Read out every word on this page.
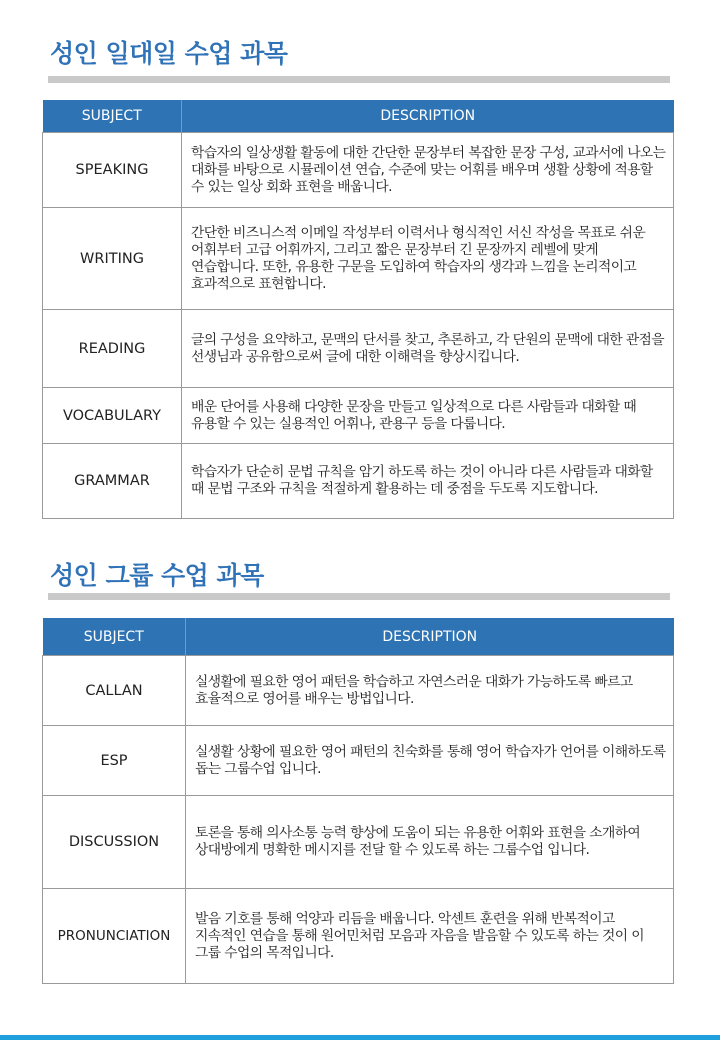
성인 일대일 수업 과목
SUBJECT	DESCRIPTION
SPEAKING	학습자의 일상생활 활동에 대한 간단한 문장부터 복잡한 문장 구성, 교과서에 나오는 대화를 바탕으로 시뮬레이션 연습, 수준에 맞는 어휘를 배우며 생활 상황에 적용할 수 있는 일상 회화 표현을 배웁니다.
WRITING	간단한 비즈니스적 이메일 작성부터 이력서나 형식적인 서신 작성을 목표로 쉬운 어휘부터 고급 어휘까지, 그리고 짧은 문장부터 긴 문장까지 레벨에 맞게 연습합니다. 또한, 유용한 구문을 도입하여 학습자의 생각과 느낌을 논리적이고 효과적으로 표현합니다.
READING	글의 구성을 요약하고, 문맥의 단서를 찾고, 추론하고, 각 단원의 문맥에 대한 관점을 선생님과 공유함으로써 글에 대한 이해력을 향상시킵니다.
VOCABULARY	배운 단어를 사용해 다양한 문장을 만들고 일상적으로 다른 사람들과 대화할 때 유용할 수 있는 실용적인 어휘나, 관용구 등을 다룹니다.
GRAMMAR	학습자가 단순히 문법 규칙을 암기 하도록 하는 것이 아니라 다른 사람들과 대화할 때 문법 구조와 규칙을 적절하게 활용하는 데 중점을 두도록 지도합니다.
성인 그룹 수업 과목
SUBJECT	DESCRIPTION
CALLAN	실생활에 필요한 영어 패턴을 학습하고 자연스러운 대화가 가능하도록 빠르고 효율적으로 영어를 배우는 방법입니다.
ESP	실생활 상황에 필요한 영어 패턴의 친숙화를 통해 영어 학습자가 언어를 이해하도록 돕는 그룹수업 입니다.
DISCUSSION	토론을 통해 의사소통 능력 향상에 도움이 되는 유용한 어휘와 표현을 소개하여 상대방에게 명확한 메시지를 전달 할 수 있도록 하는 그룹수업 입니다.
PRONUNCIATION	발음 기호를 통해 억양과 리듬을 배웁니다. 악센트 훈련을 위해 반복적이고 지속적인 연습을 통해 원어민처럼 모음과 자음을 발음할 수 있도록 하는 것이 이 그룹 수업의 목적입니다.
